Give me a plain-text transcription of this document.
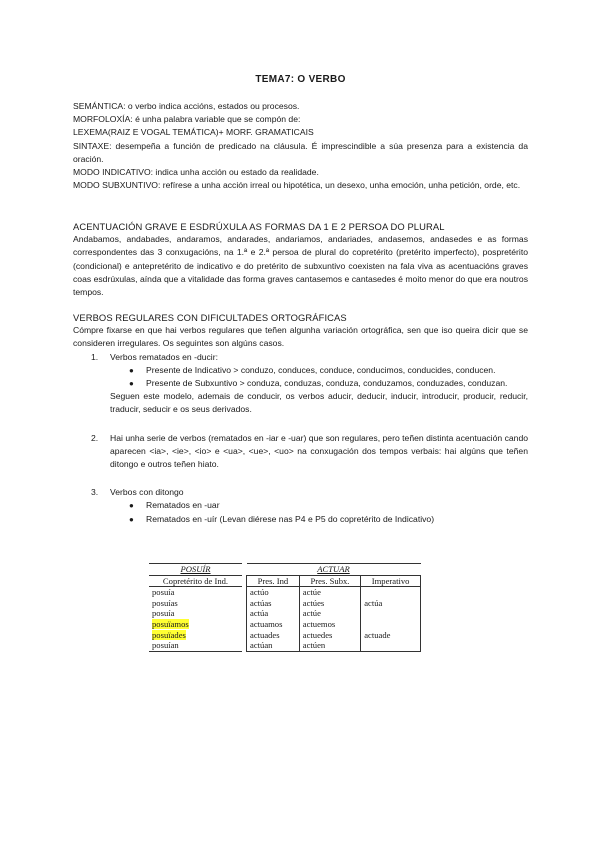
TEMA7: O VERBO

SEMÁNTICA: o verbo indica accións, estados ou procesos.

MORFOLOXÍA: é unha palabra variable que se compón de:

LEXEMA(RAIZ E VOGAL TEMÁTICA)+ MORF. GRAMATICAIS

SINTAXE: desempeña a función de predicado na cláusula. É imprescindible a súa presenza para a existencia da oración.

MODO INDICATIVO: indica unha acción ou estado da realidade.

MODO SUBXUNTIVO: refírese a unha acción irreal ou hipotética, un desexo, unha emoción, unha petición, orde, etc.

ACENTUACIÓN GRAVE E ESDRÚXULA AS FORMAS DA 1 E 2 PERSOA DO PLURAL

Andabamos, andabades, andaramos, andarades, andariamos, andariades, andasemos, andasedes e as formas correspondentes das 3 conxugacións, na 1.ª e 2.ª persoa de plural do copretérito (pretérito imperfecto), pospretérito (condicional) e antepretérito de indicativo e do pretérito de subxuntivo coexisten na fala viva as acentuacións graves coas esdrúxulas, aínda que a vitalidade das forma graves cantasemos e cantasedes é moito menor do que era noutros tempos.

VERBOS REGULARES CON DIFICULTADES ORTOGRÁFICAS

Cómpre fixarse en que hai verbos regulares que teñen algunha variación ortográfica, sen que iso queira dicir que se consideren irregulares. Os seguintes son algúns casos.

1. Verbos rematados en -ducir:

● Presente de Indicativo > conduzo, conduces, conduce, conducimos, conducides, conducen.

● Presente de Subxuntivo > conduza, conduzas, conduza, conduzamos, conduzades, conduzan.

Seguen este modelo, ademais de conducir, os verbos aducir, deducir, inducir, introducir, producir, reducir, traducir, seducir e os seus derivados.

2. Hai unha serie de verbos (rematados en -iar e -uar) que son regulares, pero teñen distinta acentuación cando aparecen <ia>, <ie>, <io> e <ua>, <ue>, <uo> na conxugación dos tempos verbais: hai algúns que teñen ditongo e outros teñen hiato.

3. Verbos con ditongo

● Rematados en -uar

● Rematados en -uír (Levan diérese nas P4 e P5 do copretérito de Indicativo)

POSUÍR
Copretérito de Ind.
posuía
posuías
posuía
posuïamos
posuïades
posuían
ACTUAR		
Pres. Ind	Pres. Subx.	Imperativo
actúo	actúe	
actúas	actúes	actúa
actúa	actúe	
actuamos	actuemos	
actuades	actuedes	actuade
actúan	actúen	
